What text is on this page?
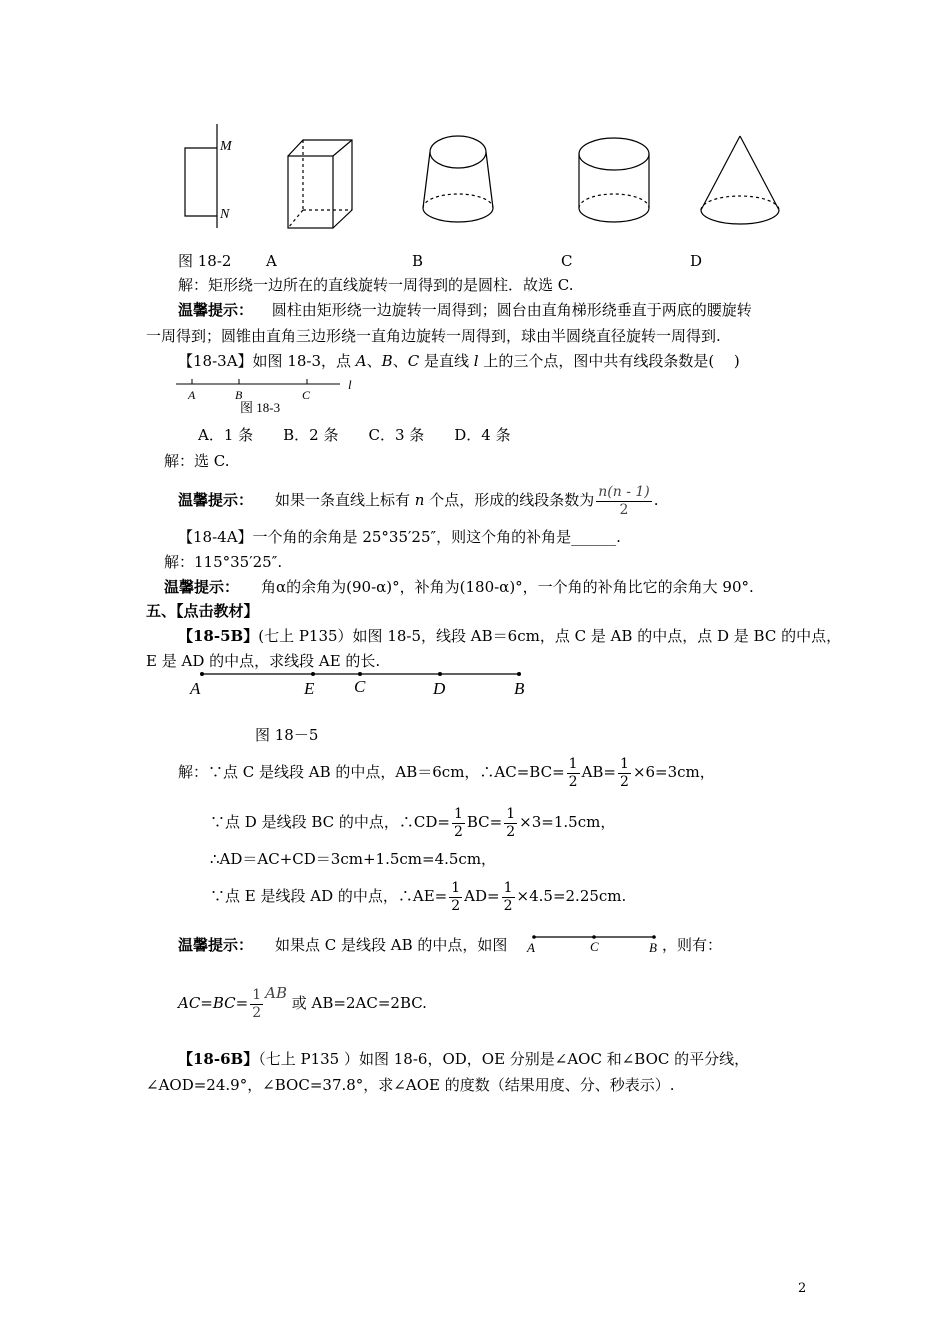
M
N
图 18-2 A	B	C	D
解：矩形绕一边所在的直线旋转一周得到的是圆柱．故选 C.
温馨提示： 圆柱由矩形绕一边旋转一周得到；圆台由直角梯形绕垂直于两底的腰旋转
一周得到；圆锥由直角三边形绕一直角边旋转一周得到，球由半圆绕直径旋转一周得到.
【18-3A】如图 18-3，点 A、B、C 是直线 l 上的三个点，图中共有线段条数是(　 )
A	B	C
l
图 18-3
A．1 条　　B．2 条　　C．3 条　　D．4 条
解：选 C.
温馨提示： 如果一条直线上标有 n 个点，形成的线段条数为 $\frac{n(n - 1)}{2}$ .
【18-4A】一个角的余角是 25°35′25″，则这个角的补角是______.
解：115°35′25″.
温馨提示： 角α的余角为(90-α)°，补角为(180-α)°，一个角的补角比它的余角大 90°.
五、【点击教材】
【18-5B】(七上 P135）如图 18-5，线段 AB＝6cm，点 C 是 AB 的中点，点 D 是 BC 的中点，
E 是 AD 的中点，求线段 AE 的长.
A	E C	D	B
图 18－5
解：∵点 C 是线段 AB 的中点，AB＝6cm，∴AC=BC= $\frac{1}{2} AB= \frac{1}{2} \times 6=3cm$，
∵点 D 是线段 BC 的中点，∴CD= $\frac{1}{2} BC= \frac{1}{2} \times 3=1.5cm$，
∴AD＝AC+CD＝3cm+1.5cm=4.5cm，
∵点 E 是线段 AD 的中点，∴AE= $\frac{1}{2} AD= \frac{1}{2} \times 4.5=2.25cm$.
温馨提示： 如果点 C 是线段 AB 的中点，如图 A	C	B ，则有：
$AC=BC= \frac{1}{2}$ AB 或 AB=2AC=2BC.
【18-6B】（七上 P135 ）如图 18-6，OD，OE 分别是∠AOC 和∠BOC 的平分线，
∠AOD=24.9°，∠BOC=37.8°，求∠AOE 的度数（结果用度、分、秒表示）.
2
